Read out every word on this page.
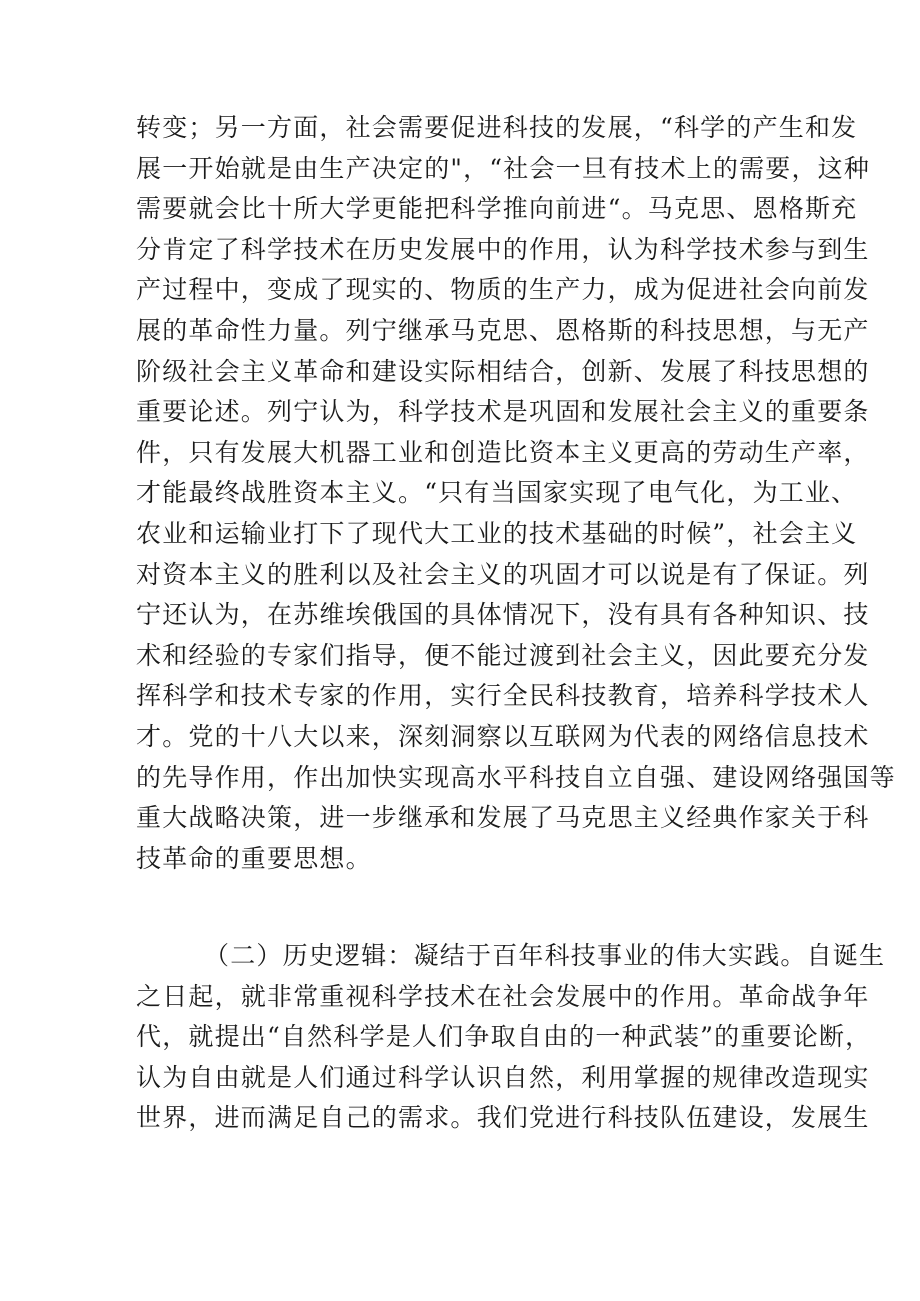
转变；另一方面，社会需要促进科技的发展，“科学的产生和发
展一开始就是由生产决定的"，“社会一旦有技术上的需要，这种
需要就会比十所大学更能把科学推向前进“。马克思、恩格斯充
分肯定了科学技术在历史发展中的作用，认为科学技术参与到生
产过程中，变成了现实的、物质的生产力，成为促进社会向前发
展的革命性力量。列宁继承马克思、恩格斯的科技思想，与无产
阶级社会主义革命和建设实际相结合，创新、发展了科技思想的
重要论述。列宁认为，科学技术是巩固和发展社会主义的重要条
件，只有发展大机器工业和创造比资本主义更高的劳动生产率，
才能最终战胜资本主义。“只有当国家实现了电气化，为工业、
农业和运输业打下了现代大工业的技术基础的时候”，社会主义
对资本主义的胜利以及社会主义的巩固才可以说是有了保证。列
宁还认为，在苏维埃俄国的具体情况下，没有具有各种知识、技
术和经验的专家们指导，便不能过渡到社会主义，因此要充分发
挥科学和技术专家的作用，实行全民科技教育，培养科学技术人
才。党的十八大以来，深刻洞察以互联网为代表的网络信息技术
的先导作用，作出加快实现高水平科技自立自强、建设网络强国等
重大战略决策，进一步继承和发展了马克思主义经典作家关于科
技革命的重要思想。
（二）历史逻辑：凝结于百年科技事业的伟大实践。自诞生
之日起，就非常重视科学技术在社会发展中的作用。革命战争年
代，就提出“自然科学是人们争取自由的一种武装”的重要论断，
认为自由就是人们通过科学认识自然，利用掌握的规律改造现实
世界，进而满足自己的需求。我们党进行科技队伍建设，发展生
